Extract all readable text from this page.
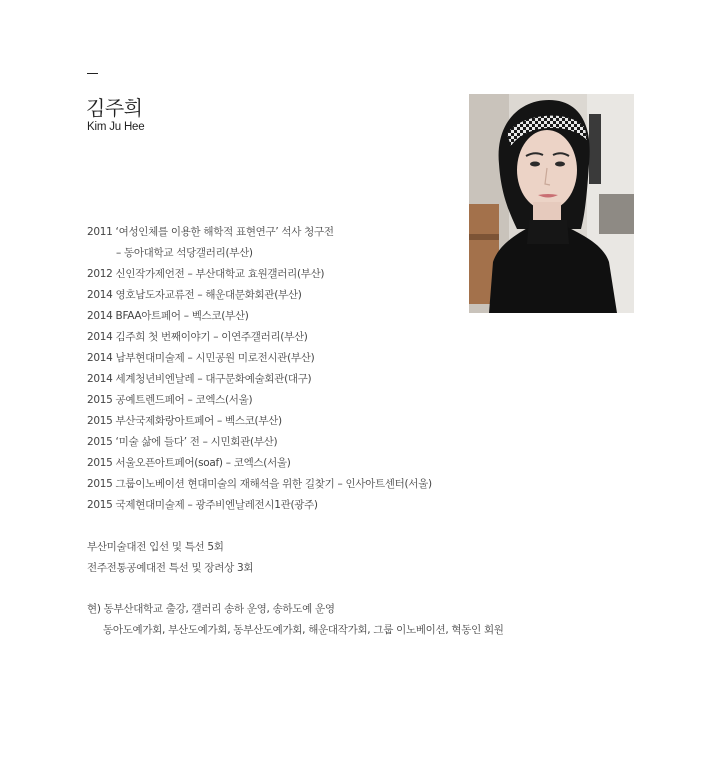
김주희
Kim Ju Hee
2011 ‘여성인체를 이용한 해학적 표현연구’ 석사 청구전
– 동아대학교 석당갤러리(부산)
2012 신인작가제언전 – 부산대학교 효원갤러리(부산)
2014 영호남도자교류전 – 해운대문화회관(부산)
2014 BFAA아트페어 – 벡스코(부산)
2014 김주희 첫 번째이야기 – 이연주갤러리(부산)
2014 남부현대미술제 – 시민공원 미로전시관(부산)
2014 세계청년비엔날레 – 대구문화예술회관(대구)
2015 공예트렌드페어 – 코엑스(서울)
2015 부산국제화랑아트페어 – 벡스코(부산)
2015 ‘미술 삶에 들다’ 전 – 시민회관(부산)
2015 서울오픈아트페어(soaf) – 코엑스(서울)
2015 그룹이노베이션 현대미술의 재해석을 위한 길찾기 – 인사아트센터(서울)
2015 국제현대미술제 – 광주비엔날레전시1관(광주)
부산미술대전 입선 및 특선 5회
전주전통공예대전 특선 및 장려상 3회
현) 동부산대학교 출강, 갤러리 송하 운영, 송하도예 운영
동아도예가회, 부산도예가회, 동부산도예가회, 해운대작가회, 그룹 이노베이션, 혁동인 회원
